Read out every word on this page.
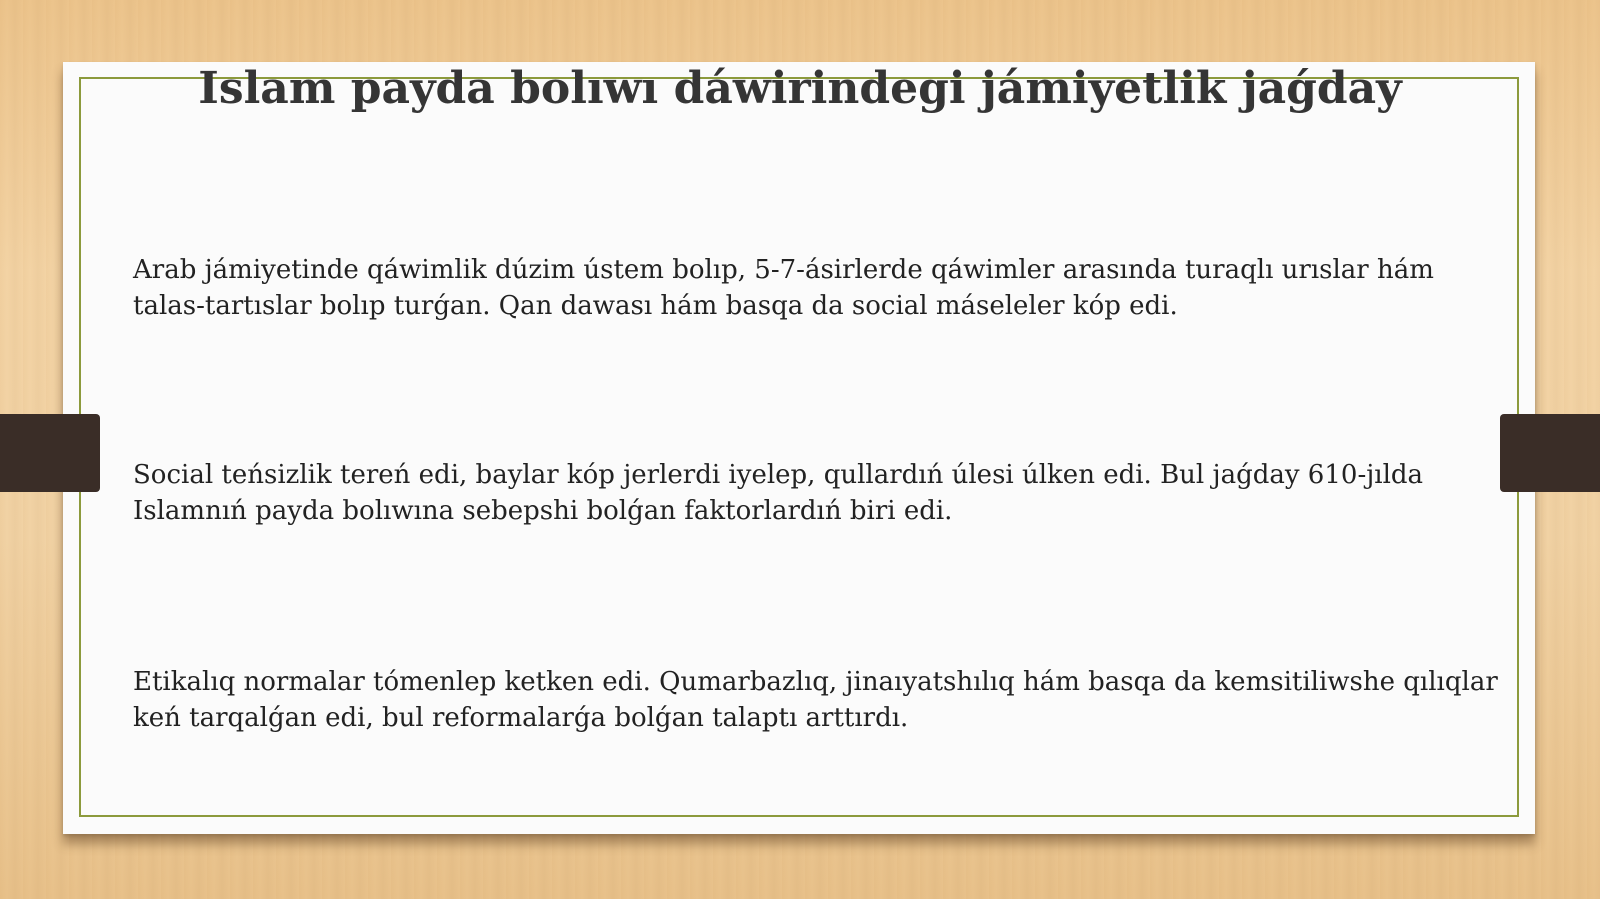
Islam payda bolıwı dáwirindegi jámiyetlik jaǵday

Arab jámiyetinde qáwimlik dúzim ústem bolıp, 5-7-ásirlerde qáwimler arasında turaqlı urıslar hám talas-tartıslar bolıp turǵan. Qan dawası hám basqa da social máseleler kóp edi.

Social teńsizlik tereń edi, baylar kóp jerlerdi iyelep, qullardıń úlesi úlken edi. Bul jaǵday 610-jılda Islamnıń payda bolıwına sebepshi bolǵan faktorlardıń biri edi.

Etikalıq normalar tómenlep ketken edi. Qumarbazlıq, jinaıyatshılıq hám basqa da kemsitiliwshe qılıqlar keń tarqalǵan edi, bul reformalarǵa bolǵan talaptı arttırdı.
